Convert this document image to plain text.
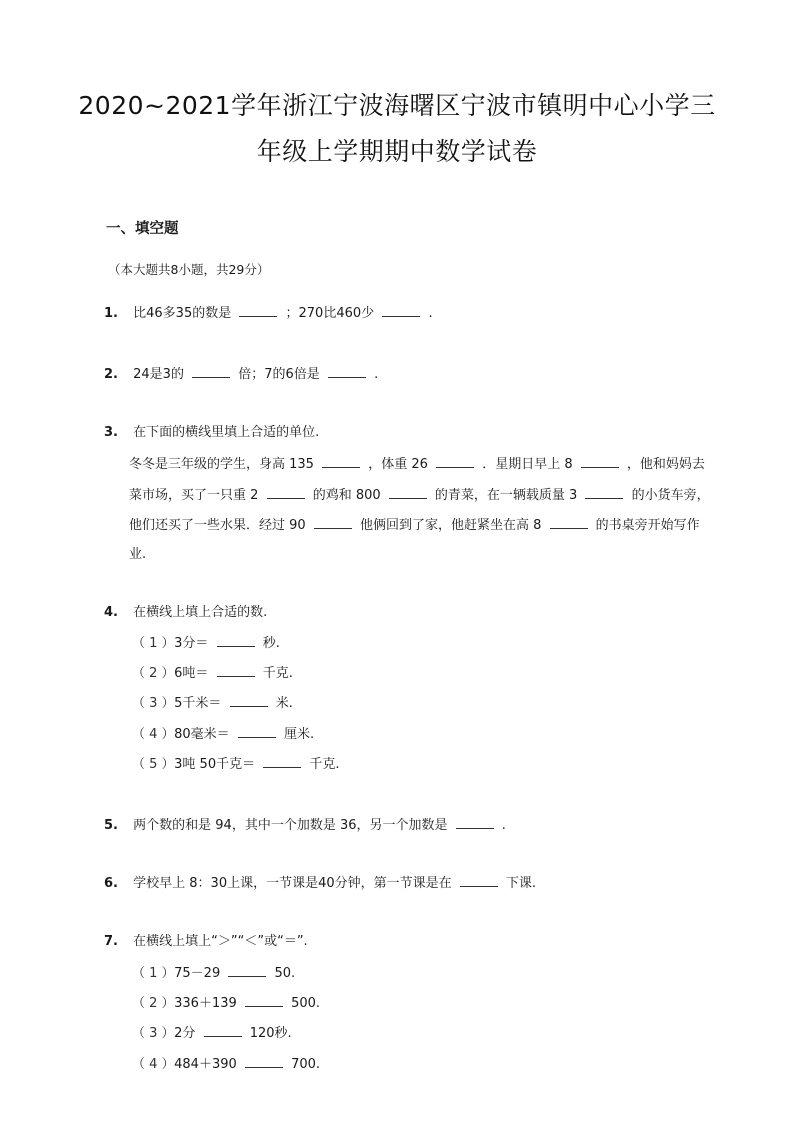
2020~2021学年浙江宁波海曙区宁波市镇明中心小学三
年级上学期期中数学试卷
一、填空题
（本大题共8小题，共29分）
1. 比46多35的数是	；270比460少	.
2. 24是3的	倍；7的6倍是	.
3. 在下面的横线里填上合适的单位.
冬冬是三年级的学生，身高 135	，体重 26	．星期日早上 8	，他和妈妈去
菜市场，买了一只重 2	的鸡和 800	的青菜，在一辆载质量 3	的小货车旁，
他们还买了一些水果．经过 90	他俩回到了家，他赶紧坐在高 8	的书桌旁开始写作
业.
4. 在横线上填上合适的数.
（ 1 ） 3分＝	秒.
（ 2 ） 6吨＝	千克.
（ 3 ） 5千米＝	米.
（ 4 ） 80毫米＝	厘米.
（ 5 ） 3吨 50千克＝	千克.
5. 两个数的和是 94，其中一个加数是 36，另一个加数是	.
6. 学校早上 8：30上课，一节课是40分钟，第一节课是在	下课.
7. 在横线上填上“＞”“＜”或“＝”.
（ 1 ） 75－29	50.
（ 2 ） 336＋139	500.
（ 3 ） 2分	120秒.
（ 4 ） 484＋390	700.
